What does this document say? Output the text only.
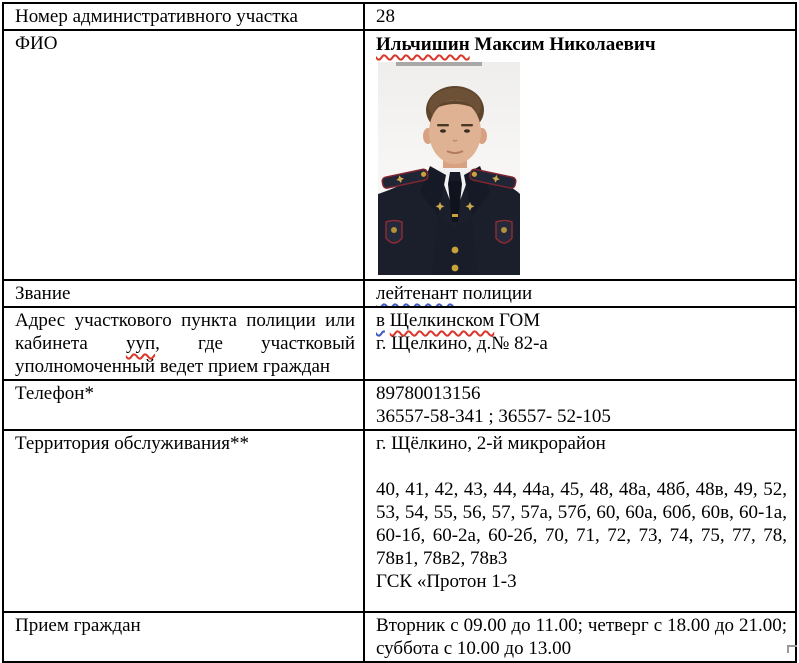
Номер административного участка	28
ФИО	Ильчишин Максим Николаевич

Звание	лейтенант полиции

Адрес участкового пункта полиции или кабинета ууп, где участковый уполномоченный ведет прием граждан	в Щелкинском ГОМ

г. Щелкино, д.№ 82-а

Телефон*	89780013156

36557-58-341 ; 36557- 52-105

Территория обслуживания**	г. Щёлкино, 2-й микрорайон

40, 41, 42, 43, 44, 44а, 45, 48, 48а, 48б, 48в, 49, 52, 53, 54, 55, 56, 57, 57а, 57б, 60, 60а, 60б, 60в, 60-1а, 60-1б, 60-2а, 60-2б, 70, 71, 72, 73, 74, 75, 77, 78, 78в1, 78в2, 78в3

ГСК «Протон 1-3

Прием граждан	Вторник с 09.00 до 11.00; четверг с 18.00 до 21.00; суббота с 10.00 до 13.00
